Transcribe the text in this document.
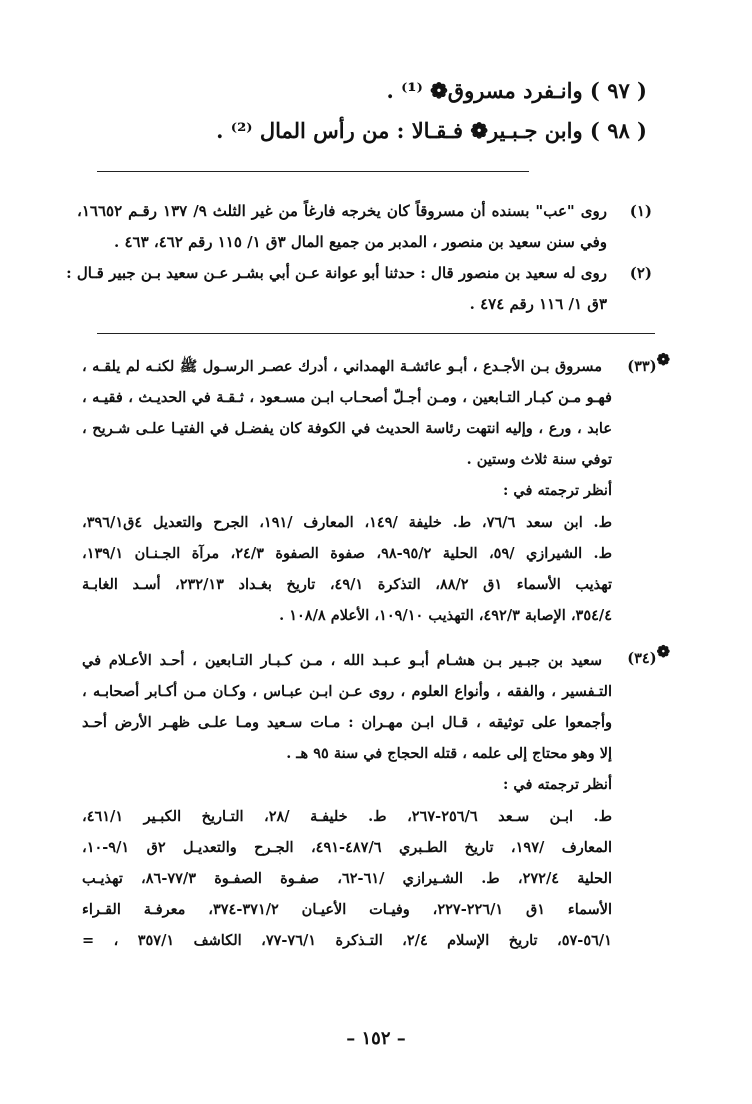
( ٩٧ ) وانـفرد مسروق❁ ⁽¹⁾ .
( ٩٨ ) وابن جـبـير❁ فـقـالا : من رأس المال ⁽²⁾ .
(١)
روى "عب" بسنده أن مسروقاً كان يخرجه فارغاً من غير الثلث ٩/ ١٣٧ رقـم ١٦٦٥٢،
وفي سنن سعيد بن منصور ، المدبر من جميع المال ٣ق ١/ ١١٥ رقم ٤٦٢، ٤٦٣ .
(٢)
روى له سعيد بن منصور قال : حدثنا أبو عوانة عـن أبي بشـر عـن سعيد بـن جبير قـال :
٣ق ١/ ١١٦ رقم ٤٧٤ .
❁(٣٣)
مسروق بـن الأجـدع ، أبـو عائشـة الهمداني ، أدرك عصـر الرسـول ﷺ لكنـه لم يلقـه ،
فهـو مـن كبـار التـابعين ، ومـن أجـلّ أصحـاب ابـن مسـعود ، ثـقـة في الحديـث ، فقيـه ،
عابد ، ورع ، وإليه انتهت رئاسة الحديث في الكوفة كان يفضـل في الفتيـا علـى شـريح ،
توفي سنة ثلاث وستين .
أنظر ترجمته في :
ط. ابن سعد ٧٦/٦، ط. خليفة /١٤٩، المعارف /١٩١، الجرح والتعديل ٤ق٣٩٦/١،
ط. الشيرازي /٥٩، الحلية ٩٥/٢-٩٨، صفوة الصفوة ٢٤/٣، مرآة الجـنـان ١٣٩/١،
تهذيب الأسماء ١ق ٨٨/٢، التذكرة ٤٩/١، تاريخ بغـداد ٢٣٢/١٣، أسـد الغابـة
٣٥٤/٤، الإصابة ٤٩٢/٣، التهذيب ١٠٩/١٠، الأعلام ١٠٨/٨ .
❁(٣٤)
سعيد بن جبـير بـن هشـام أبـو عـبـد الله ، مـن كـبـار التـابعين ، أحـد الأعـلام في
التـفسير ، والفقه ، وأنواع العلوم ، روى عـن ابـن عبـاس ، وكـان مـن أكـابر أصحابـه ،
وأجمعوا على توثيقه ، قـال ابـن مهـران : مـات سـعيد ومـا علـى ظهـر الأرض أحـد
إلا وهو محتاج إلى علمه ، قتله الحجاج في سنة ٩٥ هـ .
أنظر ترجمته في :
ط. ابـن سـعد ٢٥٦/٦-٢٦٧، ط. خليفـة /٢٨، التـاريخ الكبـير ٤٦١/١،
المعارف /١٩٧، تاريخ الطـبري ٤٨٧/٦-٤٩١، الجـرح والتعديـل ٢ق ٩/١-١٠،
الحلية ٢٧٢/٤، ط. الشـيرازي /٦١-٦٢، صفـوة الصفـوة ٧٧/٣-٨٦، تهذيـب
الأسماء ١ق ٢٢٦/١-٢٢٧، وفيـات الأعيـان ٣٧١/٢-٣٧٤، معرفـة القـراء
٥٦/١-٥٧، تاريخ الإسلام ٢/٤، التـذكرة ٧٦/١-٧٧، الكاشف ٣٥٧/١ ، =
– ١٥٢ –
